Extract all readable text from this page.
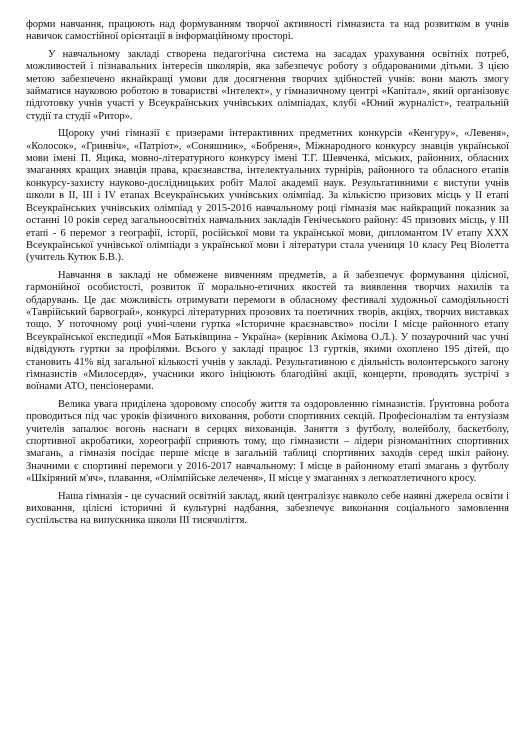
форми навчання, працюють над формуванням творчої активності гімназиста та над розвитком в учнів навичок самостійної орієнтації в інформаційному просторі.

У навчальному закладі створена педагогічна система на засадах урахування освітніх потреб, можливостей і пізнавальних інтересів школярів, яка забезпечує роботу з обдарованими дітьми. З цією метою забезпечено якнайкращі умови для досягнення творчих здібностей учнів: вони мають змогу займатися науковою роботою в товаристві «Інтелект», у гімназичному центрі «Капітал», який організовує підготовку учнів участі у Всеукраїнських учнівських олімпіадах, клубі «Юний журналіст», театральній студії та студії «Ритор».

Щороку учні гімназії є призерами інтерактивних предметних конкурсів «Кенгуру», «Левеня», «Колосок», «Гринвіч», «Патріот», «Соняшник», «Бобреня», Міжнародного конкурсу знавців української мови імені П. Яцика, мовно-літературного конкурсу імені Т.Г. Шевченка, міських, районних, обласних змаганнях кращих знавців права, краєзнавства, інтелектуальних турнірів, районного та обласного етапів конкурсу-захисту науково-дослідницьких робіт Малої академії наук. Результативними є виступи учнів школи в ІІ, ІІІ і IV етапах Всеукраїнських учнівських олімпіад. За кількістю призових місць у ІІ етапі Всеукраїнських учнівських олімпіад у 2015-2016 навчальному році гімназія має найкращий показник за останні 10 років серед загальноосвітніх навчальних закладів Генічеського району: 45 призових місць, у ІІІ етапі - 6 перемог з географії, історії, російської мови та української мови, дипломантом IV етапу ХХХ Всеукраїнської учнівської олімпіади з української мови і літератури стала учениця 10 класу Рец Віолетта (учитель Кутюк Б.В.).

Навчання в закладі не обмежене вивченням предметів, а й забезпечує формування цілісної, гармонійної особистості, розвиток її морально-етичних якостей та виявлення творчих нахилів та обдарувань. Це дає можливість отримувати перемоги в обласному фестивалі художньої самодіяльності «Таврійський барвограй», конкурсі літературних прозових та поетичних творів, акціях, творчих виставках тощо. У поточному році учні-члени гуртка «Історичне краєзнавство» посіли І місце районного етапу Всеукраїнської експедиції «Моя Батьківщина - Україна» (керівник Акімова О.Л.). У позаурочний час учні відвідують гуртки за профілями. Всього у закладі працює 13 гуртків, якими охоплено 195 дітей, що становить 41% від загальної кількості учнів у закладі. Результативною є діяльність волонтерського загону гімназистів «Милосердя», учасники якого ініціюють благодійні акції, концерти, проводять зустрічі з воїнами АТО, пенсіонерами.

Велика увага приділена здоровому способу життя та оздоровленню гімназистів. Ґрунтовна робота проводиться під час уроків фізичного виховання, роботи спортивних секцій. Професіоналізм та ентузіазм учителів запалює вогонь наснаги в серцях вихованців. Заняття з футболу, волейболу, баскетболу, спортивної акробатики, хореографії сприяють тому, що гімназисти – лідери різноманітних спортивних змагань, а гімназія посідає перше місце в загальній таблиці спортивних заходів серед шкіл району. Значними є спортивні перемоги у 2016-2017 навчальному: І місце в районному етапі змагань з футболу «Шкіряний м'яч», плавання, «Олімпійське лелеченя», ІІ місце у змаганнях з легкоатлетичного кросу.

Наша гімназія - це сучасний освітній заклад, який централізує навколо себе наявні джерела освіти і виховання, цілісні історичні й культурні надбання, забезпечує виконання соціального замовлення суспільства на випускника школи ІІІ тисячоліття.
